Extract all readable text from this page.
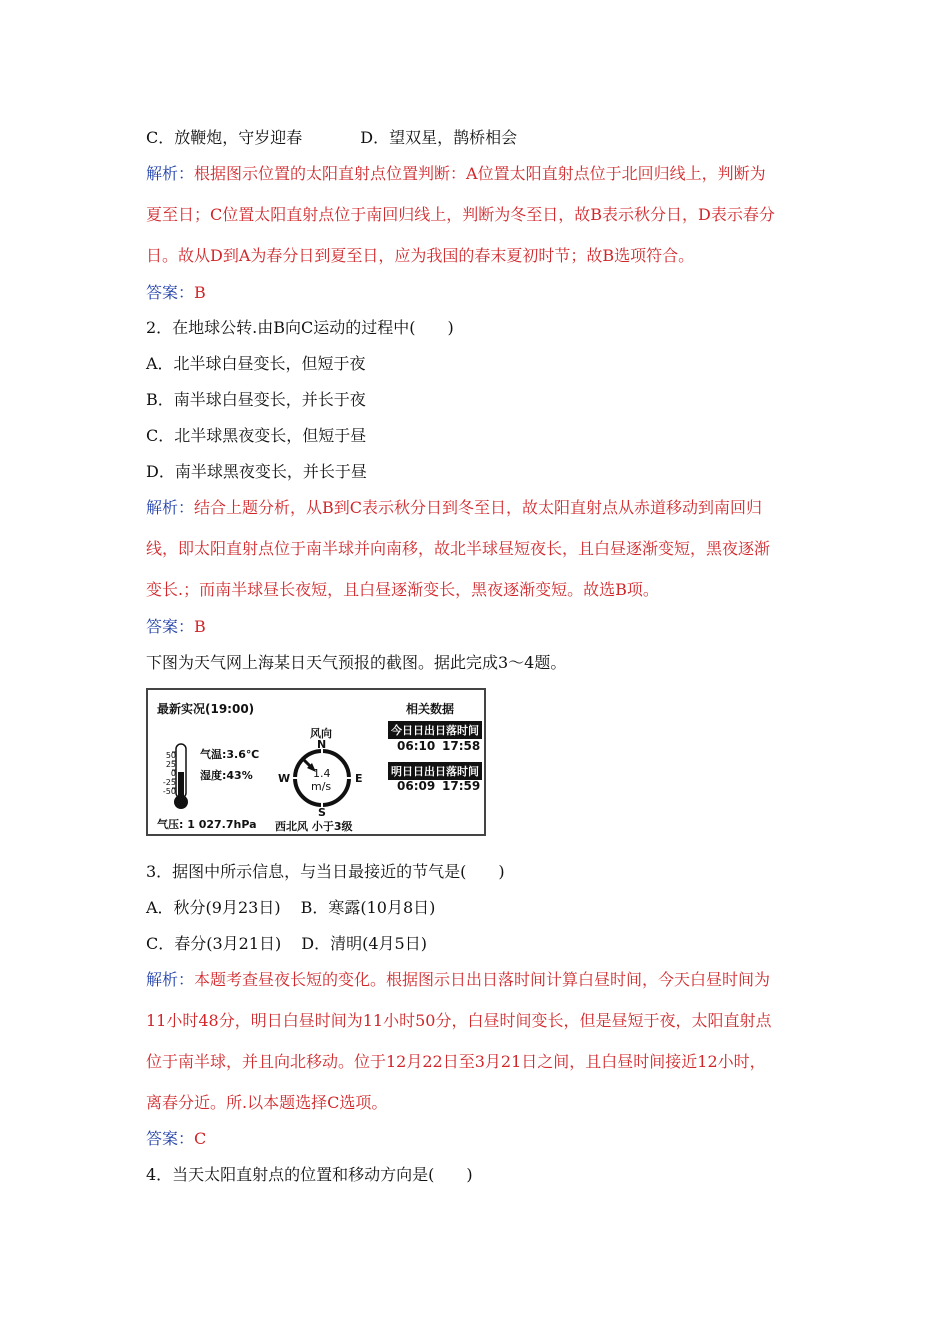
C．放鞭炮，守岁迎春	D．望双星，鹊桥相会
解析：根据图示位置的太阳直射点位置判断：A位置太阳直射点位于北回归线上，判断为
夏至日；C位置太阳直射点位于南回归线上，判断为冬至日，故B表示秋分日，D表示春分
日。故从D到A为春分日到夏至日，应为我国的春末夏初时节；故B选项符合。
答案：B
2．在地球公转.由B向C运动的过程中(　　)
A．北半球白昼变长，但短于夜
B．南半球白昼变长，并长于夜
C．北半球黑夜变长，但短于昼
D．南半球黑夜变长，并长于昼
解析：结合上题分析，从B到C表示秋分日到冬至日，故太阳直射点从赤道移动到南回归
线，即太阳直射点位于南半球并向南移，故北半球昼短夜长，且白昼逐渐变短，黑夜逐渐
变长.；而南半球昼长夜短，且白昼逐渐变长，黑夜逐渐变短。故选B项。
答案：B
下图为天气网上海某日天气预报的截图。据此完成3～4题。
最新实况(19:00)
50
25
0
-25
-50
气温:3.6℃
湿度:43%
气压: 1 027.7hPa
风向
N
S
W	E
1.4
m/s
西北风 小于3级
相关数据
今日日出日落时间
06:10 17:58
明日日出日落时间
06:09 17:59
3．据图中所示信息，与当日最接近的节气是(　　)
A．秋分(9月23日) B．寒露(10月8日)
C．春分(3月21日) D．清明(4月5日)
解析：本题考查昼夜长短的变化。根据图示日出日落时间计算白昼时间，今天白昼时间为
11小时48分，明日白昼时间为11小时50分，白昼时间变长，但是昼短于夜，太阳直射点
位于南半球，并且向北移动。位于12月22日至3月21日之间，且白昼时间接近12小时，
离春分近。所.以本题选择C选项。
答案：C
4．当天太阳直射点的位置和移动方向是(　　)
